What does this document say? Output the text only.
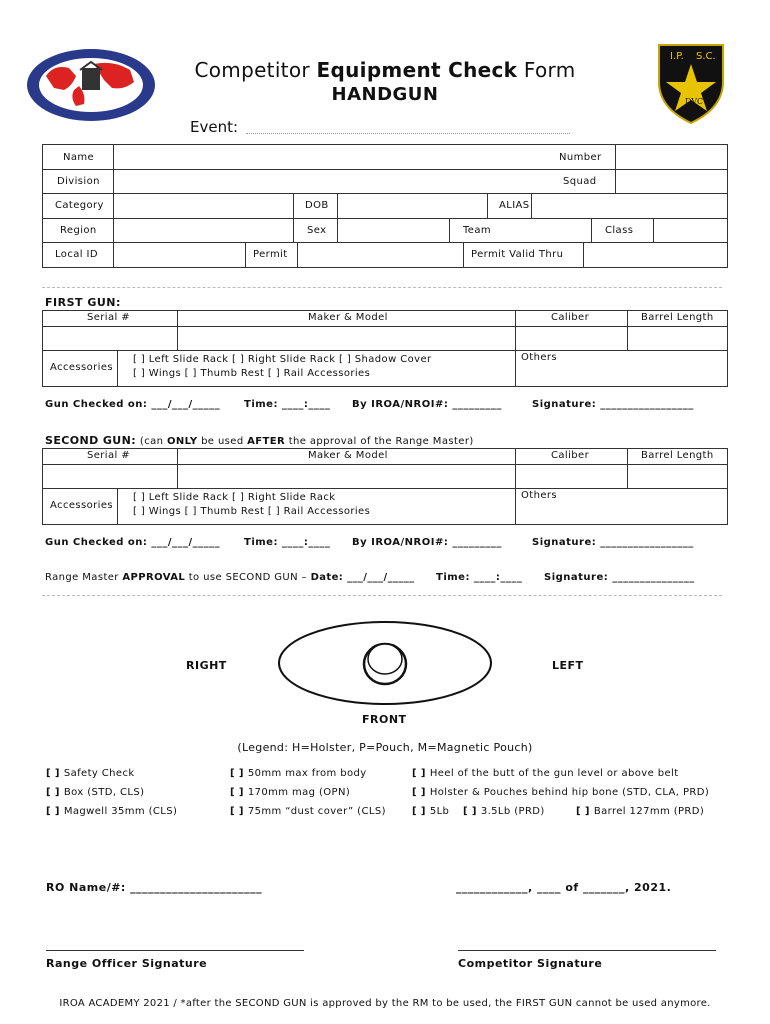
I.P. S.C.
DVC
Competitor Equipment Check Form
HANDGUN
Event:
Name	Number
Division	Squad
Category	DOB	ALIAS
Region	Sex	Team	Class
Local ID	Permit	Permit Valid Thru
FIRST GUN:
Serial #	Maker & Model	Caliber	Barrel Length
Accessories
[ ] Left Slide Rack [ ] Right Slide Rack [ ] Shadow Cover
[ ] Wings [ ] Thumb Rest [ ] Rail Accessories
Others
Gun Checked on: ___/___/_____ Time: ____:____ By IROA/NROI#: _________	Signature: _________________
SECOND GUN: (can ONLY be used AFTER the approval of the Range Master)
Serial #	Maker & Model	Caliber	Barrel Length
Accessories
[ ] Left Slide Rack [ ] Right Slide Rack
[ ] Wings [ ] Thumb Rest [ ] Rail Accessories
Others
Gun Checked on: ___/___/_____ Time: ____:____ By IROA/NROI#: _________	Signature: _________________
Range Master APPROVAL to use SECOND GUN – Date: ___/___/_____ Time: ____:____ Signature: _______________
RIGHT	LEFT
FRONT
(Legend: H=Holster, P=Pouch, M=Magnetic Pouch)
[ ] Safety Check
[ ] Box (STD, CLS)
[ ] Magwell 35mm (CLS)
[ ] 50mm max from body
[ ] 170mm mag (OPN)
[ ] 75mm “dust cover” (CLS)
[ ] Heel of the butt of the gun level or above belt
[ ] Holster & Pouches behind hip bone (STD, CLA, PRD)
[ ] 5Lb [ ] 3.5Lb (PRD)	[ ] Barrel 127mm (PRD)
RO Name/#: ______________________	____________, ____ of _______, 2021.
Range Officer Signature	Competitor Signature
IROA ACADEMY 2021 / *after the SECOND GUN is approved by the RM to be used, the FIRST GUN cannot be used anymore.
